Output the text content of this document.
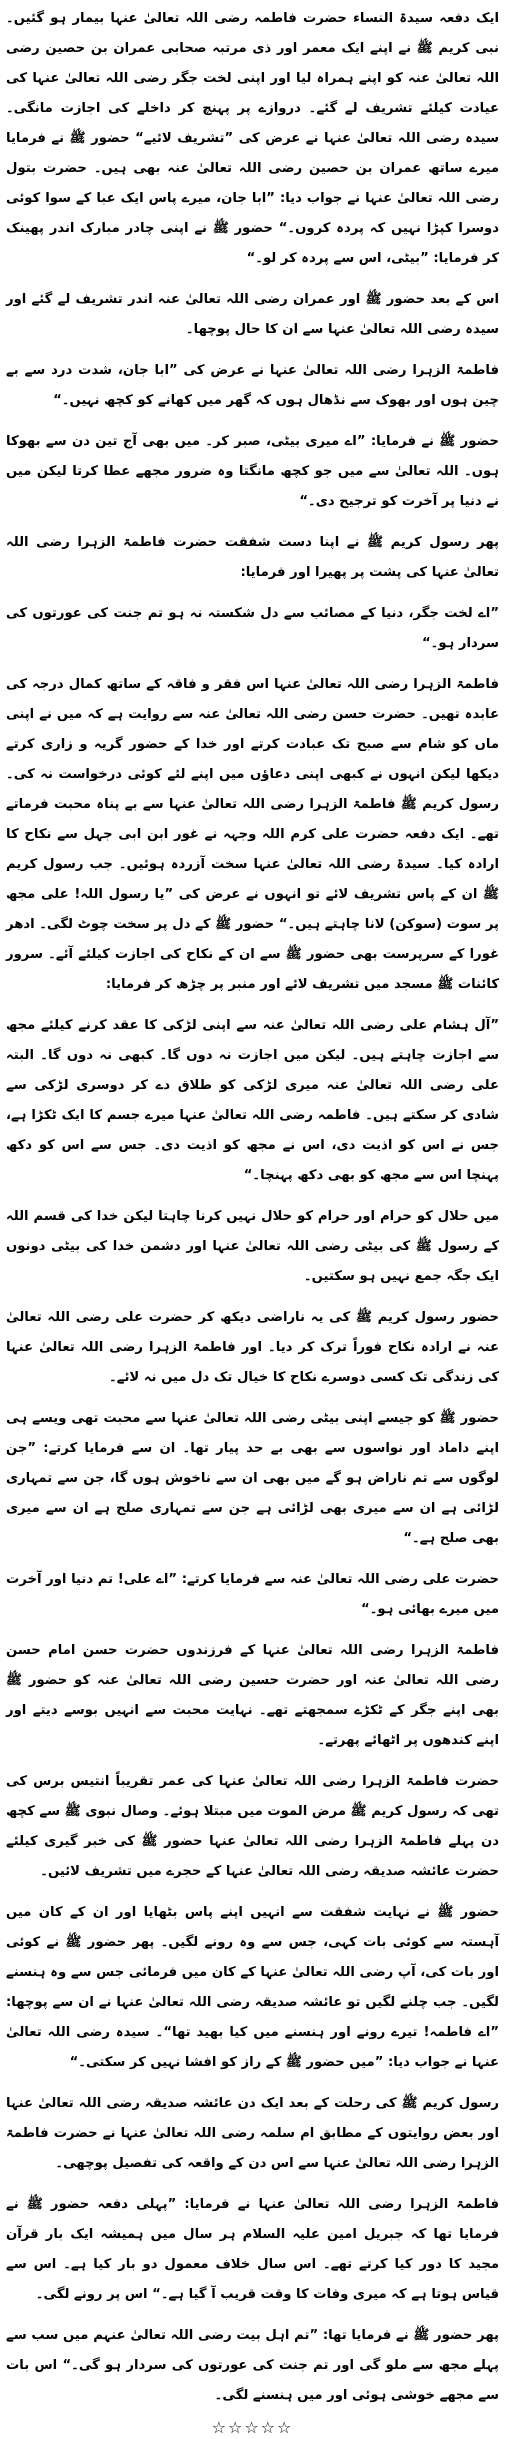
ایک دفعہ سیدۃ النساء حضرت فاطمہ رضی اللہ تعالیٰ عنہا بیمار ہو گئیں۔ نبی کریم ﷺ نے اپنے ایک معمر اور ذی مرتبہ صحابی عمران بن حصین رضی اللہ تعالیٰ عنہ کو اپنے ہمراہ لیا اور اپنی لخت جگر رضی اللہ تعالیٰ عنہا کی عیادت کیلئے تشریف لے گئے۔ دروازے پر پہنچ کر داخلے کی اجازت مانگی۔ سیدہ رضی اللہ تعالیٰ عنہا نے عرض کی ”تشریف لائیے“ حضور ﷺ نے فرمایا میرے ساتھ عمران بن حصین رضی اللہ تعالیٰ عنہ بھی ہیں۔ حضرت بتول رضی اللہ تعالیٰ عنہا نے جواب دیا: ”ابا جان، میرے پاس ایک عبا کے سوا کوئی دوسرا کپڑا نہیں کہ پردہ کروں۔“ حضور ﷺ نے اپنی چادر مبارک اندر پھینک کر فرمایا: ”بیٹی، اس سے پردہ کر لو۔“

اس کے بعد حضور ﷺ اور عمران رضی اللہ تعالیٰ عنہ اندر تشریف لے گئے اور سیدہ رضی اللہ تعالیٰ عنہا سے ان کا حال پوچھا۔

فاطمۃ الزہرا رضی اللہ تعالیٰ عنہا نے عرض کی ”ابا جان، شدت درد سے بے چین ہوں اور بھوک سے نڈھال ہوں کہ گھر میں کھانے کو کچھ نہیں۔“

حضور ﷺ نے فرمایا: ”اے میری بیٹی، صبر کر۔ میں بھی آج تین دن سے بھوکا ہوں۔ اللہ تعالیٰ سے میں جو کچھ مانگتا وہ ضرور مجھے عطا کرتا لیکن میں نے دنیا پر آخرت کو ترجیح دی۔“

پھر رسول کریم ﷺ نے اپنا دست شفقت حضرت فاطمۃ الزہرا رضی اللہ تعالیٰ عنہا کی پشت پر پھیرا اور فرمایا:

”اے لخت جگر، دنیا کے مصائب سے دل شکستہ نہ ہو تم جنت کی عورتوں کی سردار ہو۔“

فاطمۃ الزہرا رضی اللہ تعالیٰ عنہا اس فقر و فاقہ کے ساتھ کمال درجہ کی عابدہ تھیں۔ حضرت حسن رضی اللہ تعالیٰ عنہ سے روایت ہے کہ میں نے اپنی ماں کو شام سے صبح تک عبادت کرتے اور خدا کے حضور گریہ و زاری کرتے دیکھا لیکن انہوں نے کبھی اپنی دعاؤں میں اپنے لئے کوئی درخواست نہ کی۔ رسول کریم ﷺ فاطمۃ الزہرا رضی اللہ تعالیٰ عنہا سے بے پناہ محبت فرماتے تھے۔ ایک دفعہ حضرت علی کرم اللہ وجہہ نے غور ابن ابی جہل سے نکاح کا ارادہ کیا۔ سیدۃ رضی اللہ تعالیٰ عنہا سخت آزردہ ہوئیں۔ جب رسول کریم ﷺ ان کے پاس تشریف لائے تو انہوں نے عرض کی ”یا رسول اللہ! علی مجھ پر سوت (سوکن) لانا چاہتے ہیں۔“ حضور ﷺ کے دل پر سخت چوٹ لگی۔ ادھر غورا کے سرپرست بھی حضور ﷺ سے ان کے نکاح کی اجازت کیلئے آئے۔ سرور کائنات ﷺ مسجد میں تشریف لائے اور منبر پر چڑھ کر فرمایا:

”آل ہشام علی رضی اللہ تعالیٰ عنہ سے اپنی لڑکی کا عقد کرنے کیلئے مجھ سے اجازت چاہتے ہیں۔ لیکن میں اجازت نہ دوں گا۔ کبھی نہ دوں گا۔ البتہ علی رضی اللہ تعالیٰ عنہ میری لڑکی کو طلاق دے کر دوسری لڑکی سے شادی کر سکتے ہیں۔ فاطمہ رضی اللہ تعالیٰ عنہا میرے جسم کا ایک ٹکڑا ہے، جس نے اس کو اذیت دی، اس نے مجھ کو اذیت دی۔ جس سے اس کو دکھ پہنچا اس سے مجھ کو بھی دکھ پہنچا۔“

میں حلال کو حرام اور حرام کو حلال نہیں کرنا چاہتا لیکن خدا کی قسم اللہ کے رسول ﷺ کی بیٹی رضی اللہ تعالیٰ عنہا اور دشمن خدا کی بیٹی دونوں ایک جگہ جمع نہیں ہو سکتیں۔

حضور رسول کریم ﷺ کی یہ ناراضی دیکھ کر حضرت علی رضی اللہ تعالیٰ عنہ نے ارادہ نکاح فوراً ترک کر دیا۔ اور فاطمۃ الزہرا رضی اللہ تعالیٰ عنہا کی زندگی تک کسی دوسرے نکاح کا خیال تک دل میں نہ لائے۔

حضور ﷺ کو جیسے اپنی بیٹی رضی اللہ تعالیٰ عنہا سے محبت تھی ویسے ہی اپنے داماد اور نواسوں سے بھی بے حد پیار تھا۔ ان سے فرمایا کرتے: ”جن لوگوں سے تم ناراض ہو گے میں بھی ان سے ناخوش ہوں گا، جن سے تمہاری لڑائی ہے ان سے میری بھی لڑائی ہے جن سے تمہاری صلح ہے ان سے میری بھی صلح ہے۔“

حضرت علی رضی اللہ تعالیٰ عنہ سے فرمایا کرتے: ”اے علی! تم دنیا اور آخرت میں میرے بھائی ہو۔“

فاطمۃ الزہرا رضی اللہ تعالیٰ عنہا کے فرزندوں حضرت حسن امام حسن رضی اللہ تعالیٰ عنہ اور حضرت حسین رضی اللہ تعالیٰ عنہ کو حضور ﷺ بھی اپنے جگر کے ٹکڑے سمجھتے تھے۔ نہایت محبت سے انہیں بوسے دیتے اور اپنے کندھوں پر اٹھائے پھرتے۔

حضرت فاطمۃ الزہرا رضی اللہ تعالیٰ عنہا کی عمر تقریباً انتیس برس کی تھی کہ رسول کریم ﷺ مرض الموت میں مبتلا ہوئے۔ وصال نبوی ﷺ سے کچھ دن پہلے فاطمۃ الزہرا رضی اللہ تعالیٰ عنہا حضور ﷺ کی خبر گیری کیلئے حضرت عائشہ صدیقہ رضی اللہ تعالیٰ عنہا کے حجرے میں تشریف لائیں۔

حضور ﷺ نے نہایت شفقت سے انہیں اپنے پاس بٹھایا اور ان کے کان میں آہستہ سے کوئی بات کہی، جس سے وہ رونے لگیں۔ پھر حضور ﷺ نے کوئی اور بات کی، آپ رضی اللہ تعالیٰ عنہا کے کان میں فرمائی جس سے وہ ہنسنے لگیں۔ جب چلنے لگیں تو عائشہ صدیقہ رضی اللہ تعالیٰ عنہا نے ان سے پوچھا: ”اے فاطمہ! تیرے رونے اور ہنسنے میں کیا بھید تھا“۔ سیدہ رضی اللہ تعالیٰ عنہا نے جواب دیا: ”میں حضور ﷺ کے راز کو افشا نہیں کر سکتی۔“

رسول کریم ﷺ کی رحلت کے بعد ایک دن عائشہ صدیقہ رضی اللہ تعالیٰ عنہا اور بعض روایتوں کے مطابق ام سلمہ رضی اللہ تعالیٰ عنہا نے حضرت فاطمۃ الزہرا رضی اللہ تعالیٰ عنہا سے اس دن کے واقعہ کی تفصیل پوچھی۔

فاطمۃ الزہرا رضی اللہ تعالیٰ عنہا نے فرمایا: ”پہلی دفعہ حضور ﷺ نے فرمایا تھا کہ جبریل امین علیہ السلام ہر سال میں ہمیشہ ایک بار قرآن مجید کا دور کیا کرتے تھے۔ اس سال خلاف معمول دو بار کیا ہے۔ اس سے قیاس ہوتا ہے کہ میری وفات کا وقت قریب آ گیا ہے۔“ اس پر رونے لگی۔

پھر حضور ﷺ نے فرمایا تھا: ”تم اہل بیت رضی اللہ تعالیٰ عنہم میں سب سے پہلے مجھ سے ملو گی اور تم جنت کی عورتوں کی سردار ہو گی۔“ اس بات سے مجھے خوشی ہوئی اور میں ہنسنے لگی۔

☆☆☆☆☆
